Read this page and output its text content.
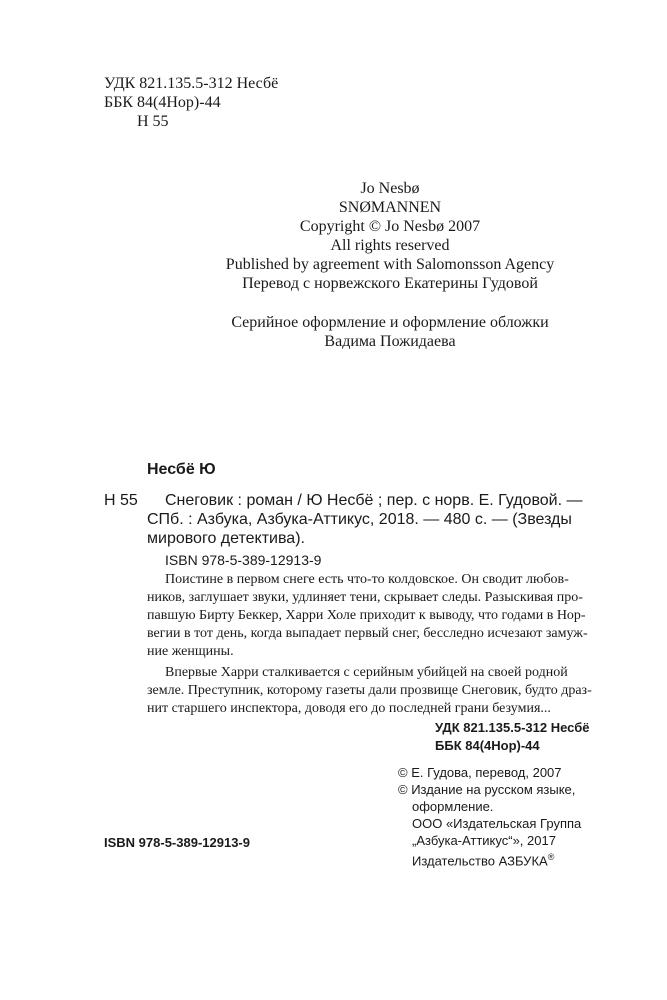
УДК 821.135.5-312 Несбё
ББК 84(4Нор)-44
Н 55
Jo Nesbø
SNØMANNEN
Copyright © Jo Nesbø 2007
All rights reserved
Published by agreement with Salomonsson Agency
Перевод с норвежского Екатерины Гудовой
Серийное оформление и оформление обложки
Вадима Пожидаева
Несбё Ю
Н 55	Снеговик : роман / Ю Несбё ; пер. с норв. Е. Гудовой. —
СПб. : Азбука, Азбука-Аттикус, 2018. — 480 с. — (Звезды
мирового детектива).
ISBN 978-5-389-12913-9
Поистине в первом снеге есть что-то колдовское. Он сводит любов-
ников, заглушает звуки, удлиняет тени, скрывает следы. Разыскивая про-
павшую Бирту Беккер, Харри Холе приходит к выводу, что годами в Нор-
вегии в тот день, когда выпадает первый снег, бесследно исчезают замуж-
ние женщины.
Впервые Харри сталкивается с серийным убийцей на своей родной
земле. Преступник, которому газеты дали прозвище Снеговик, будто драз-
нит старшего инспектора, доводя его до последней грани безумия...
УДК 821.135.5-312 Несбё
ББК 84(4Нор)-44
© Е. Гудова, перевод, 2007
© Издание на русском языке,
оформление.
ООО «Издательская Группа
„Азбука-Аттикус“», 2017
Издательство АЗБУКА®
ISBN 978-5-389-12913-9
